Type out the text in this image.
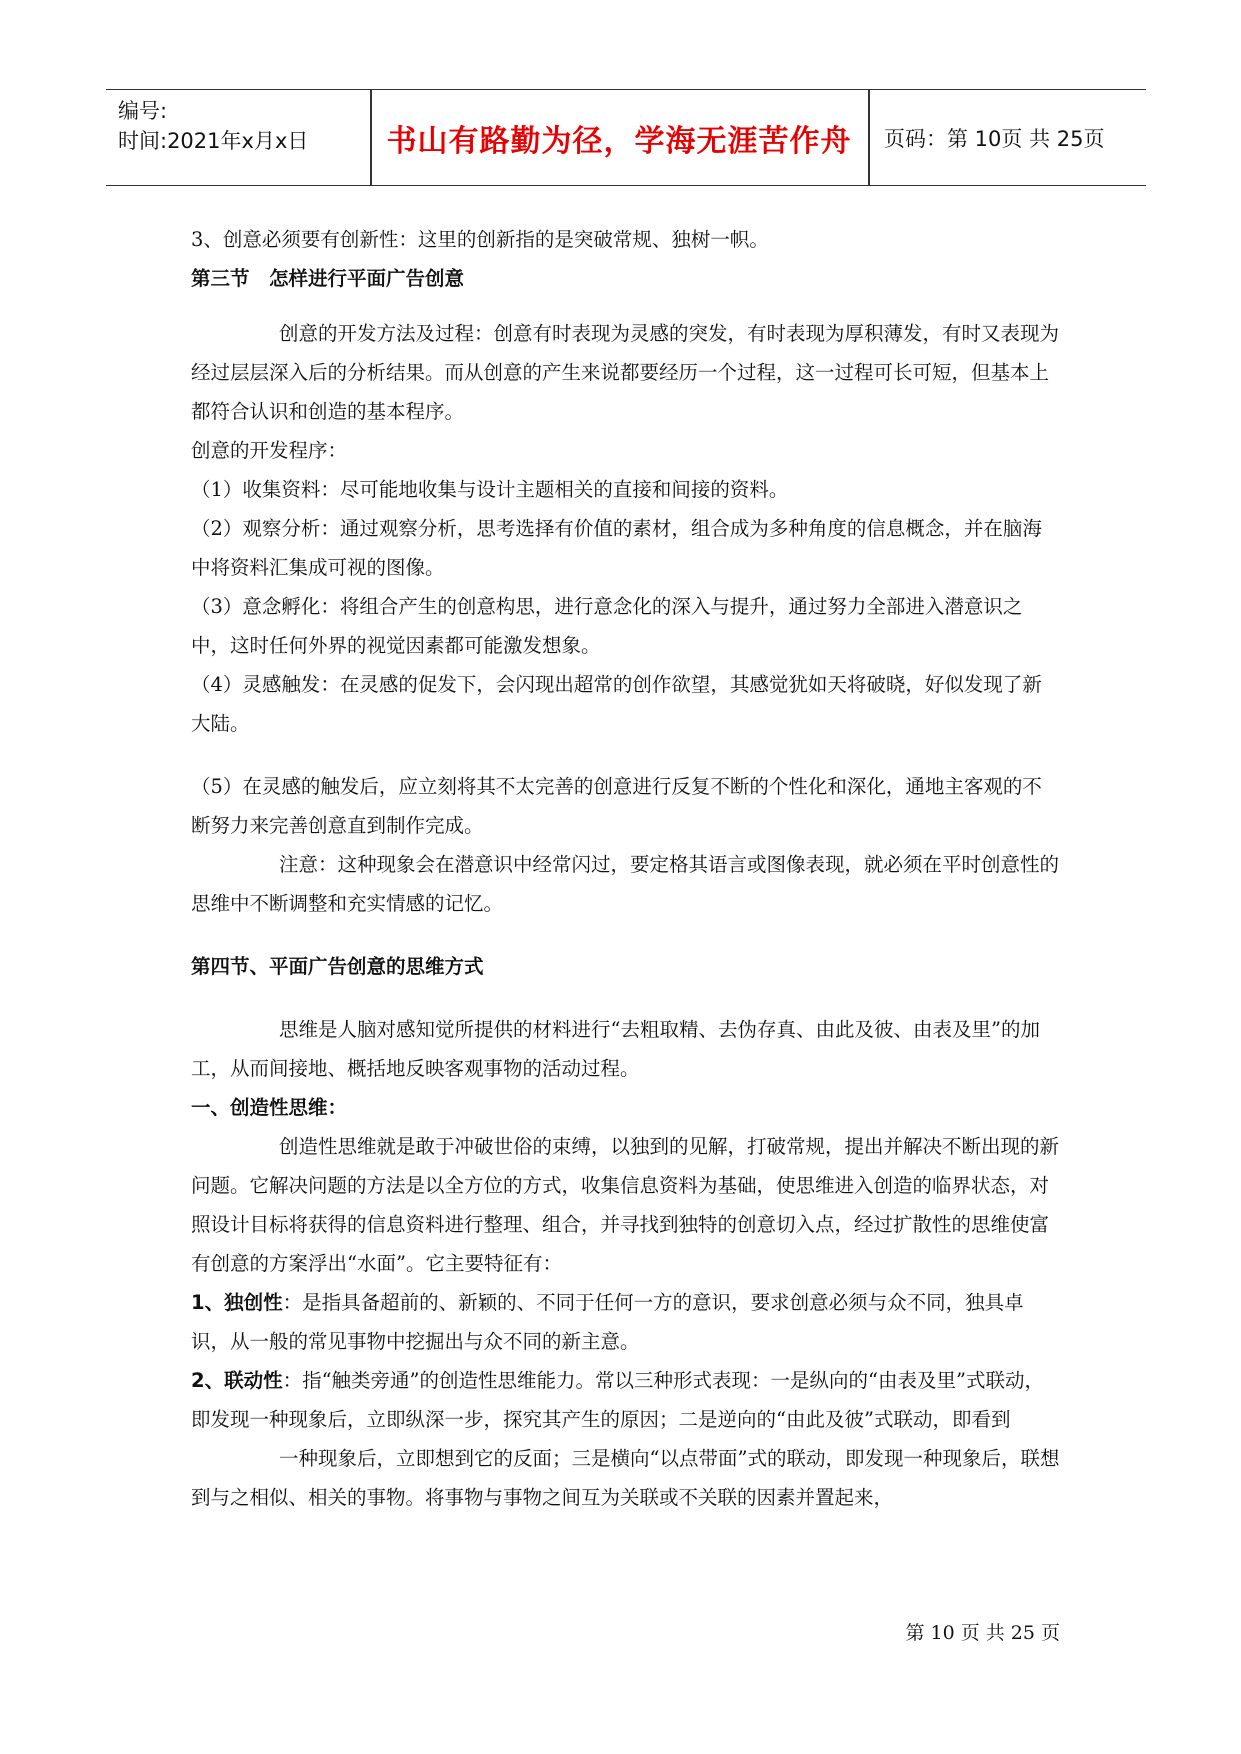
编号:
时间:2021年x月x日	书山有路勤为径，学海无涯苦作舟	页码：第 10页 共 25页

3、创意必须要有创新性：这里的创新指的是突破常规、独树一帜。

第三节　怎样进行平面广告创意

创意的开发方法及过程：创意有时表现为灵感的突发，有时表现为厚积薄发，有时又表现为经过层层深入后的分析结果。而从创意的产生来说都要经历一个过程，这一过程可长可短，但基本上都符合认识和创造的基本程序。

创意的开发程序：

（1）收集资料：尽可能地收集与设计主题相关的直接和间接的资料。

（2）观察分析：通过观察分析，思考选择有价值的素材，组合成为多种角度的信息概念，并在脑海中将资料汇集成可视的图像。

（3）意念孵化：将组合产生的创意构思，进行意念化的深入与提升，通过努力全部进入潜意识之中，这时任何外界的视觉因素都可能激发想象。

（4）灵感触发：在灵感的促发下，会闪现出超常的创作欲望，其感觉犹如天将破晓，好似发现了新大陆。

（5）在灵感的触发后，应立刻将其不太完善的创意进行反复不断的个性化和深化，通地主客观的不断努力来完善创意直到制作完成。

注意：这种现象会在潜意识中经常闪过，要定格其语言或图像表现，就必须在平时创意性的思维中不断调整和充实情感的记忆。

第四节、平面广告创意的思维方式

思维是人脑对感知觉所提供的材料进行“去粗取精、去伪存真、由此及彼、由表及里”的加工，从而间接地、概括地反映客观事物的活动过程。

一、创造性思维：

创造性思维就是敢于冲破世俗的束缚，以独到的见解，打破常规，提出并解决不断出现的新问题。它解决问题的方法是以全方位的方式，收集信息资料为基础，使思维进入创造的临界状态，对照设计目标将获得的信息资料进行整理、组合，并寻找到独特的创意切入点，经过扩散性的思维使富有创意的方案浮出“水面”。它主要特征有：

1、独创性：是指具备超前的、新颖的、不同于任何一方的意识，要求创意必须与众不同，独具卓识，从一般的常见事物中挖掘出与众不同的新主意。

2、联动性：指“触类旁通”的创造性思维能力。常以三种形式表现：一是纵向的“由表及里”式联动，即发现一种现象后，立即纵深一步，探究其产生的原因；二是逆向的“由此及彼”式联动，即看到

一种现象后，立即想到它的反面；三是横向“以点带面”式的联动，即发现一种现象后，联想到与之相似、相关的事物。将事物与事物之间互为关联或不关联的因素并置起来，

第 10 页 共 25 页
